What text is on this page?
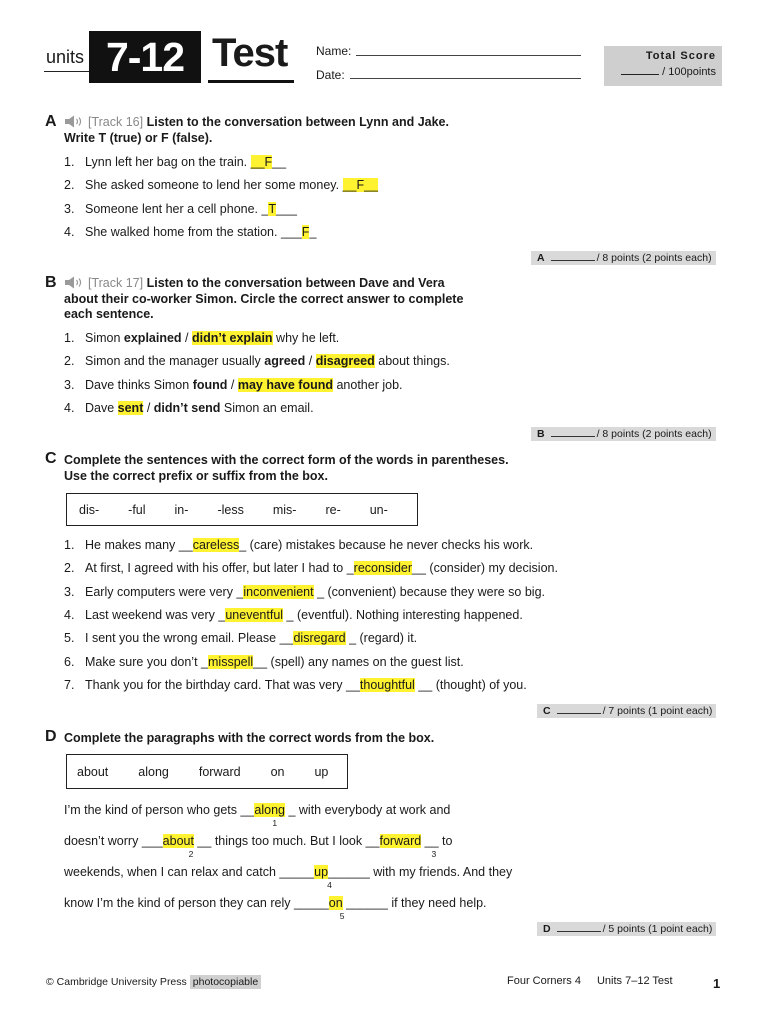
units 7-12 Test Name:
Date:
Total Score
/ 100points
A	[Track 16] Listen to the conversation between Lynn and Jake.
Write T (true) or F (false).
1. Lynn left her bag on the train. __F__
2. She asked someone to lend her some money. __F__
3. Someone lent her a cell phone. _T___
4. She walked home from the station. ___F_
A	/ 8 points (2 points each)
B	[Track 17] Listen to the conversation between Dave and Vera
about their co-worker Simon. Circle the correct answer to complete
each sentence.
1. Simon explained / didn’t explain why he left.
2. Simon and the manager usually agreed / disagreed about things.
3. Dave thinks Simon found / may have found another job.
4. Dave sent / didn’t send Simon an email.
B	/ 8 points (2 points each)
C Complete the sentences with the correct form of the words in parentheses.
Use the correct prefix or suffix from the box.
dis- -ful in- -less mis- re- un-
1. He makes many __careless_ (care) mistakes because he never checks his work.
2. At first, I agreed with his offer, but later I had to _reconsider__ (consider) my decision.
3. Early computers were very _inconvenient _ (convenient) because they were so big.
4. Last weekend was very _uneventful _ (eventful). Nothing interesting happened.
5. I sent you the wrong email. Please __disregard _ (regard) it.
6. Make sure you don’t _misspell__ (spell) any names on the guest list.
7. Thank you for the birthday card. That was very __thoughtful __ (thought) of you.
C	/ 7 points (1 point each)
D Complete the paragraphs with the correct words from the box.
about along forward on up
I’m the kind of person who gets __along _
1
with everybody at work and
doesn’t worry ___about __
2
things too much. But I look __forward __
3
to
weekends, when I can relax and catch _____up
4
______ with my friends. And they
know I’m the kind of person they can rely _____on
5
______ if they need help.
D	/ 5 points (1 point each)
© Cambridge University Press photocopiable	Four Corners 4 Units 7–12 Test	1
